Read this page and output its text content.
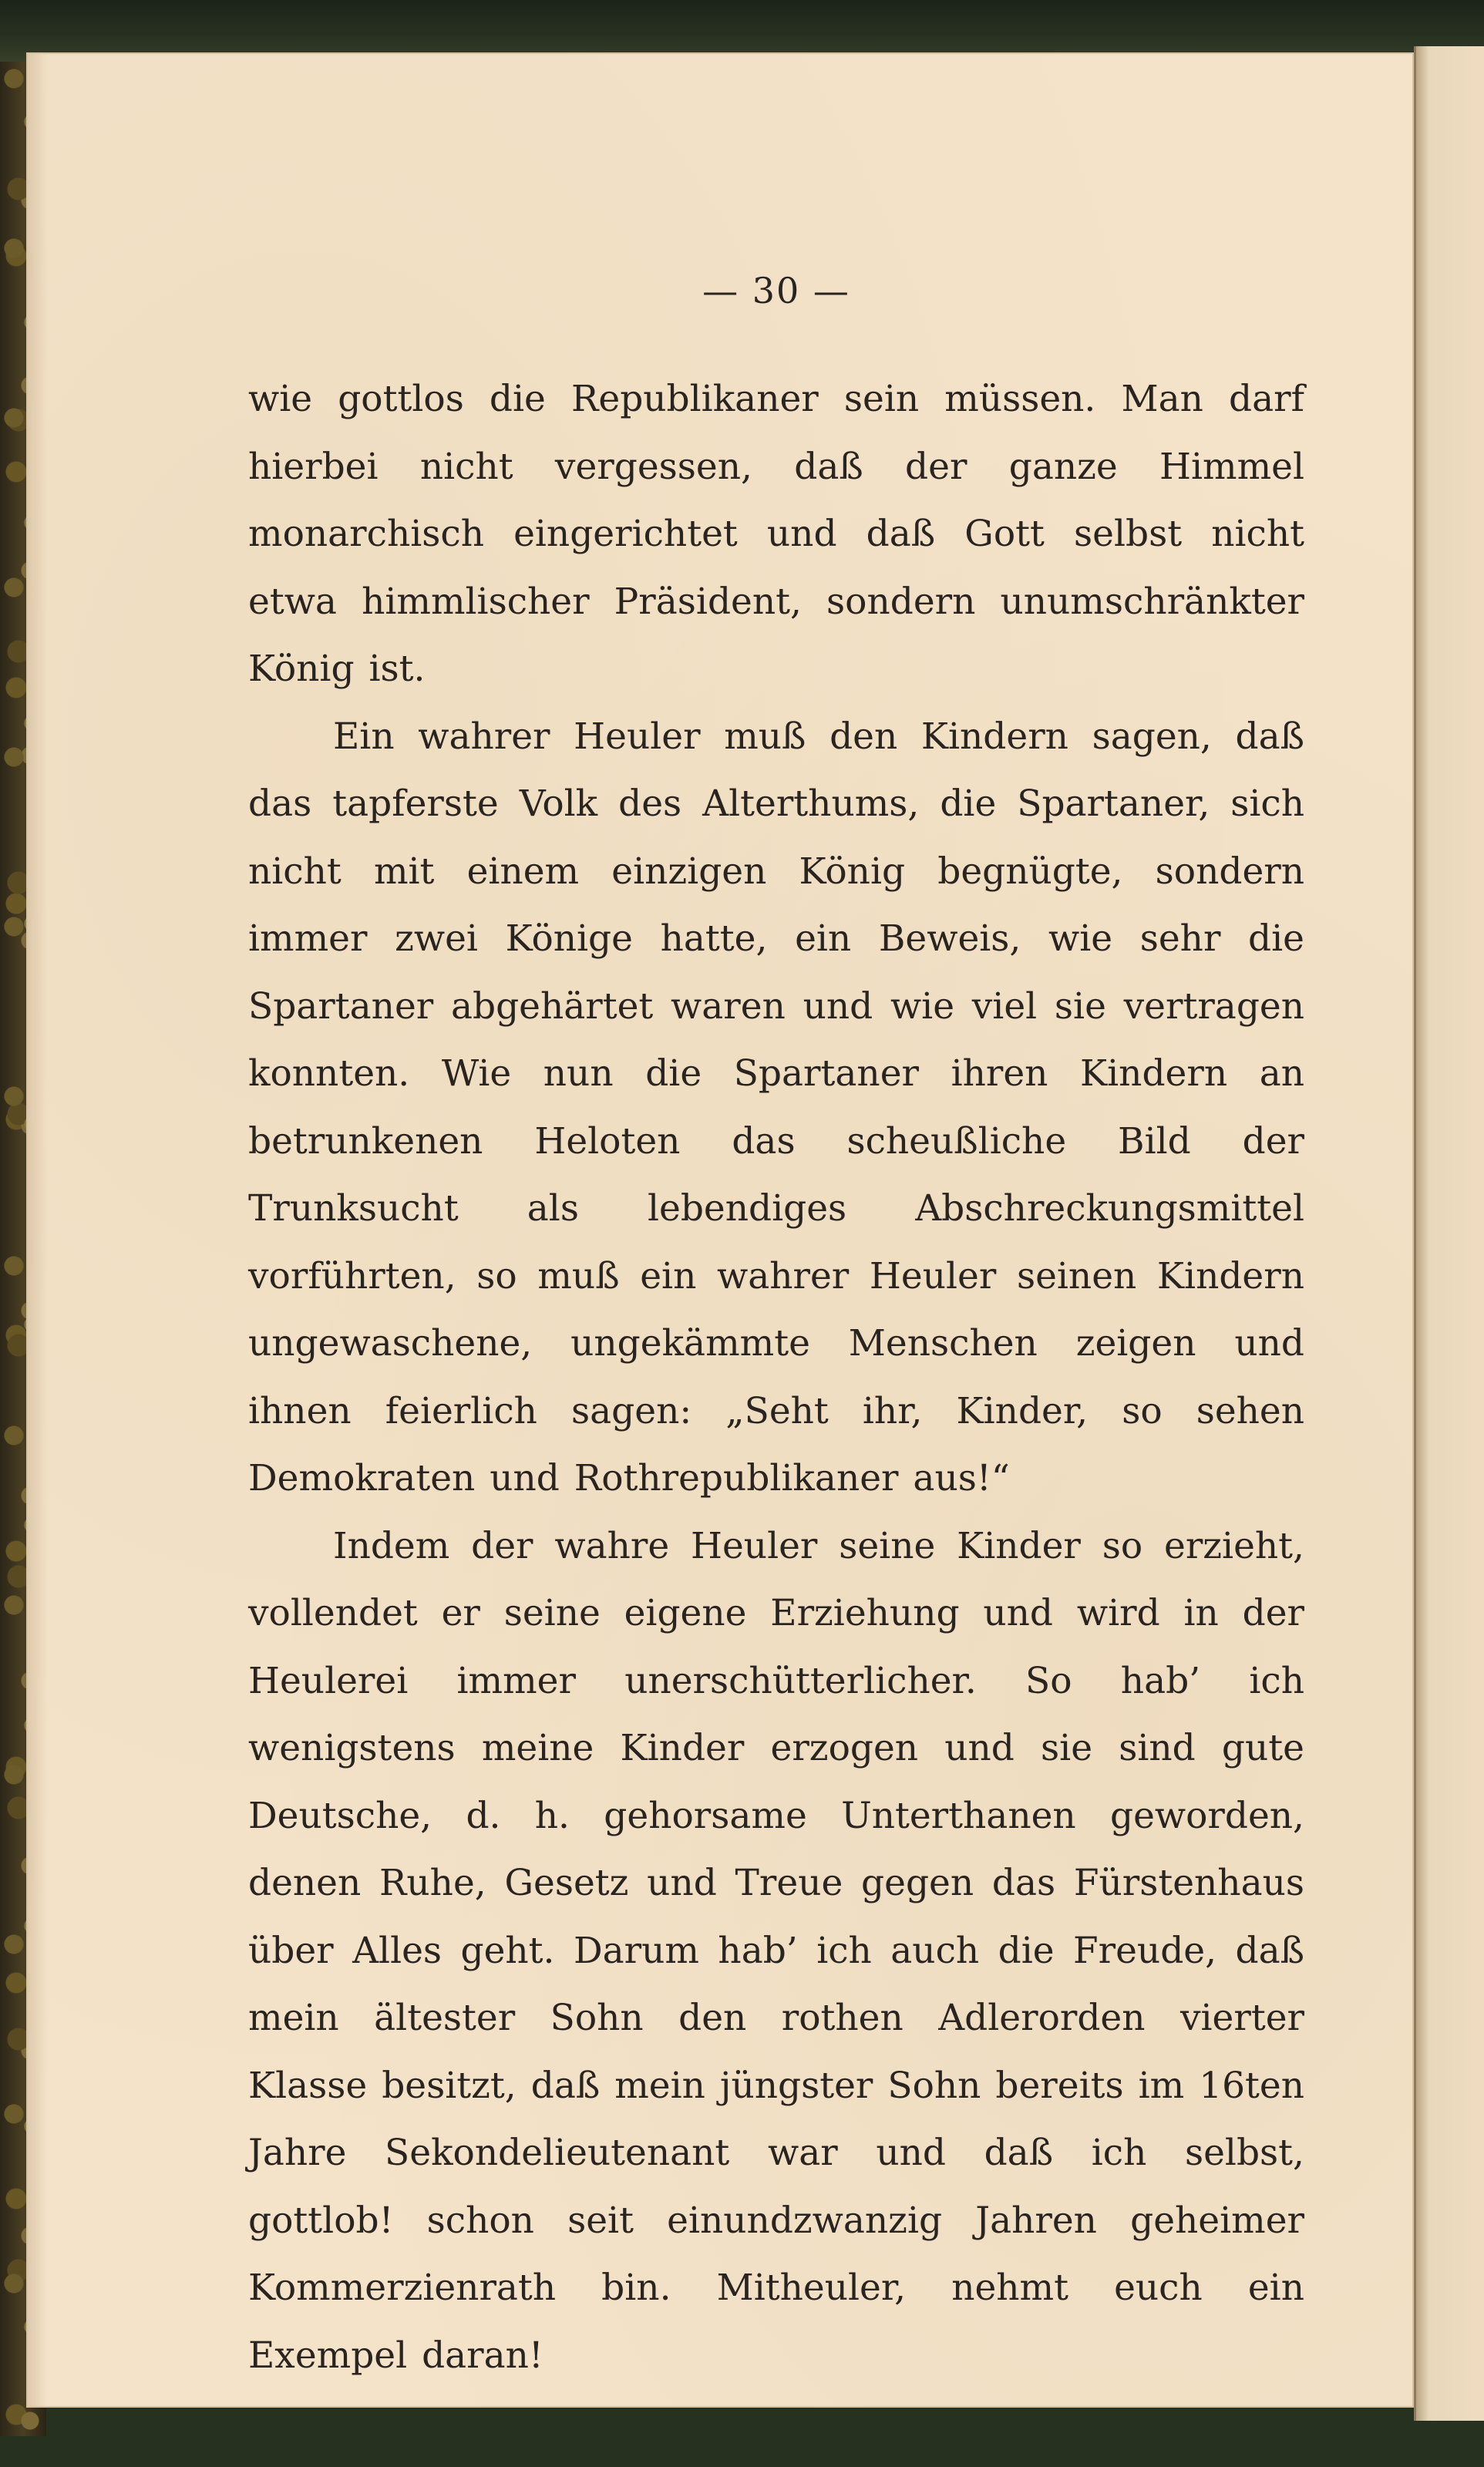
— 30 —

wie gottlos die Republikaner sein müssen. Man darf hierbei nicht vergessen, daß der ganze Himmel monarchisch eingerichtet und daß Gott selbst nicht etwa himmlischer Präsident, sondern unumschränkter König ist.

Ein wahrer Heuler muß den Kindern sagen, daß das tapferste Volk des Alterthums, die Spartaner, sich nicht mit einem einzigen König begnügte, sondern immer zwei Könige hatte, ein Beweis, wie sehr die Spartaner abgehärtet waren und wie viel sie vertragen konnten. Wie nun die Spartaner ihren Kindern an betrunkenen Heloten das scheußliche Bild der Trunksucht als lebendiges Abschreckungsmittel vorführten, so muß ein wahrer Heuler seinen Kindern ungewaschene, ungekämmte Menschen zeigen und ihnen feierlich sagen: „Seht ihr, Kinder, so sehen Demokraten und Rothrepublikaner aus!“

Indem der wahre Heuler seine Kinder so erzieht, vollendet er seine eigene Erziehung und wird in der Heulerei immer unerschütterlicher. So hab’ ich wenigstens meine Kinder erzogen und sie sind gute Deutsche, d. h. gehorsame Unterthanen geworden, denen Ruhe, Gesetz und Treue gegen das Fürstenhaus über Alles geht. Darum hab’ ich auch die Freude, daß mein ältester Sohn den rothen Adlerorden vierter Klasse besitzt, daß mein jüngster Sohn bereits im 16ten Jahre Sekondelieutenant war und daß ich selbst, gottlob! schon seit einundzwanzig Jahren geheimer Kommerzienrath bin. Mitheuler, nehmt euch ein Exempel daran!
